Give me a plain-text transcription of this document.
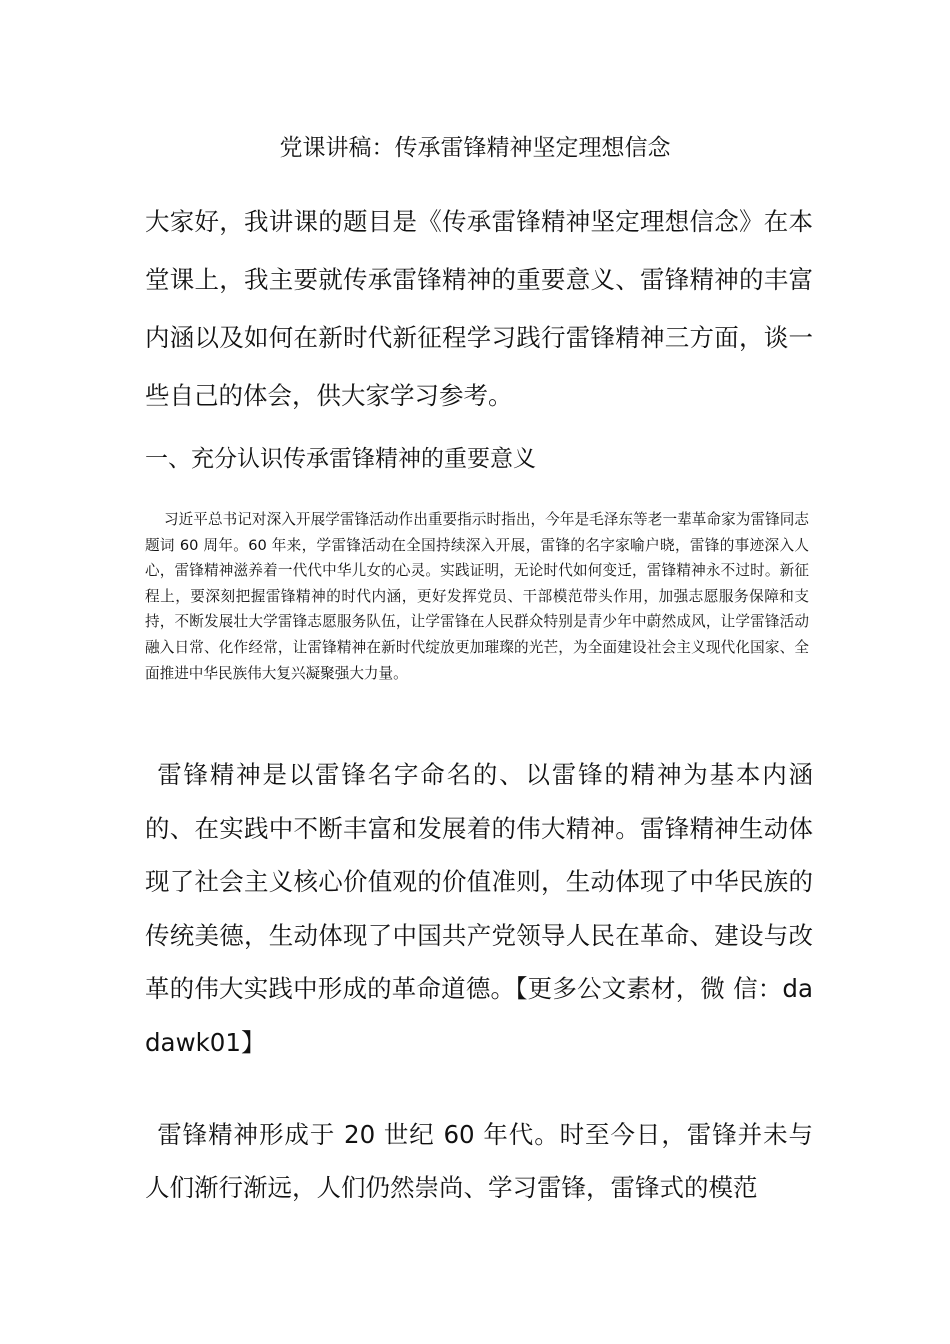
党课讲稿：传承雷锋精神坚定理想信念

大家好，我讲课的题目是《传承雷锋精神坚定理想信念》在本堂课上，我主要就传承雷锋精神的重要意义、雷锋精神的丰富内涵以及如何在新时代新征程学习践行雷锋精神三方面，谈一些自己的体会，供大家学习参考。

一、充分认识传承雷锋精神的重要意义

习近平总书记对深入开展学雷锋活动作出重要指示时指出，今年是毛泽东等老一辈革命家为雷锋同志题词 60 周年。60 年来，学雷锋活动在全国持续深入开展，雷锋的名字家喻户晓，雷锋的事迹深入人心，雷锋精神滋养着一代代中华儿女的心灵。实践证明，无论时代如何变迁，雷锋精神永不过时。新征程上，要深刻把握雷锋精神的时代内涵，更好发挥党员、干部模范带头作用，加强志愿服务保障和支持，不断发展壮大学雷锋志愿服务队伍，让学雷锋在人民群众特别是青少年中蔚然成风，让学雷锋活动融入日常、化作经常，让雷锋精神在新时代绽放更加璀璨的光芒，为全面建设社会主义现代化国家、全面推进中华民族伟大复兴凝聚强大力量。

雷锋精神是以雷锋名字命名的、以雷锋的精神为基本内涵的、在实践中不断丰富和发展着的伟大精神。雷锋精神生动体现了社会主义核心价值观的价值准则，生动体现了中华民族的传统美德，生动体现了中国共产党领导人民在革命、建设与改革的伟大实践中形成的革命道德。【更多公文素材，微 信：dadawk01】

雷锋精神形成于 20 世纪 60 年代。时至今日，雷锋并未与人们渐行渐远，人们仍然崇尚、学习雷锋，雷锋式的模范
